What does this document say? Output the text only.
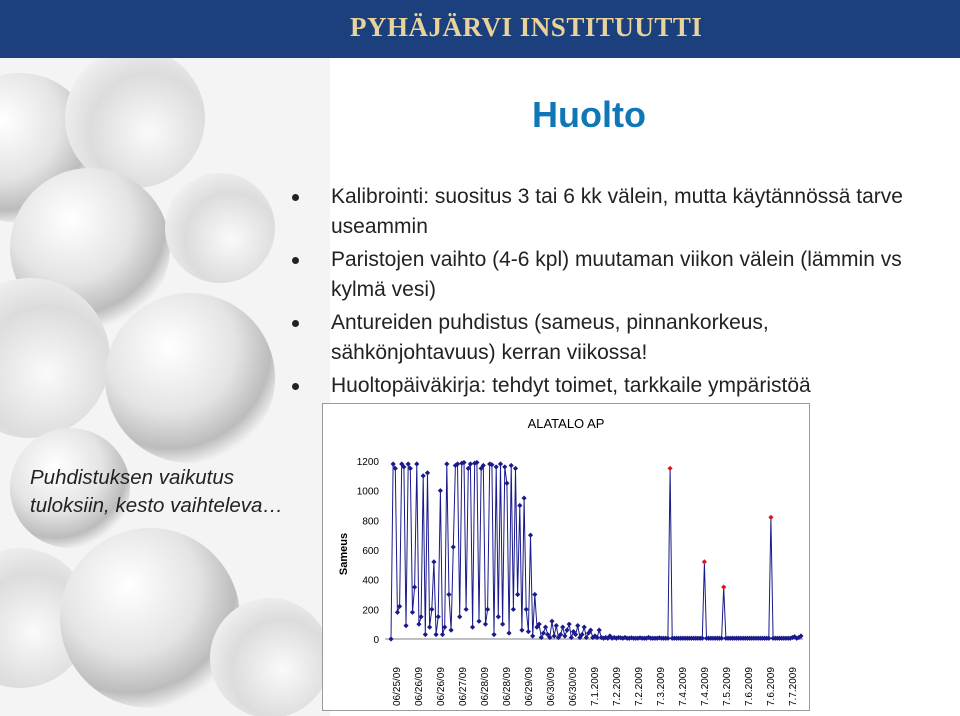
PYHÄJÄRVI INSTITUUTTI
Huolto
Kalibrointi: suositus 3 tai 6 kk välein, mutta käytännössä tarve useammin
Paristojen vaihto (4-6 kpl) muutaman viikon välein (lämmin vs kylmä vesi)
Antureiden puhdistus (sameus, pinnankorkeus, sähkönjohtavuus) kerran viikossa!
Huoltopäiväkirja: tehdyt toimet, tarkkaile ympäristöä
Puhdistuksen vaikutus
tuloksiin, kesto vaihteleva…
ALATALO AP
Sameus
0
200
400
600
800
1000
1200
06/25/09 06/26/09 06/26/09 06/27/09 06/28/09 06/28/09 06/29/09 06/30/09 06/30/09 7.1.2009 7.2.2009 7.2.2009 7.3.2009 7.4.2009 7.4.2009 7.5.2009 7.6.2009 7.6.2009 7.7.2009
